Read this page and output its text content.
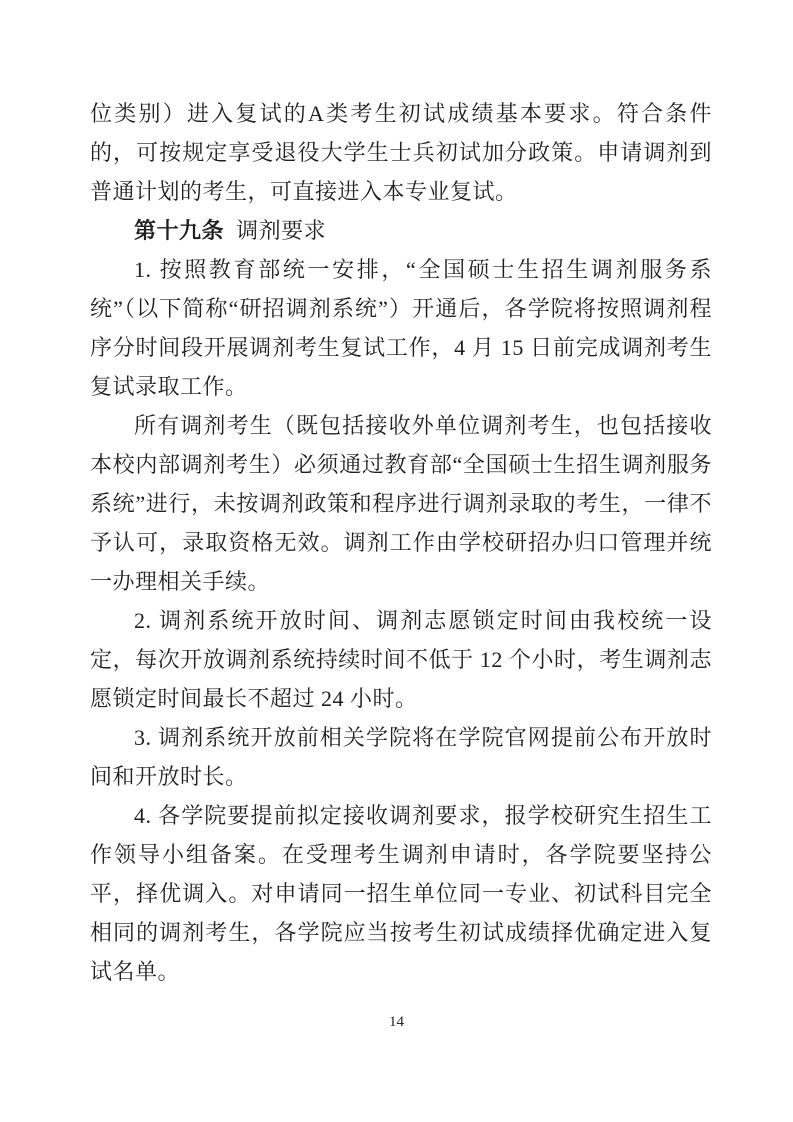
位类别）进入复试的A类考生初试成绩基本要求。符合条件的，可按规定享受退役大学生士兵初试加分政策。申请调剂到普通计划的考生，可直接进入本专业复试。

第十九条 调剂要求

1. 按照教育部统一安排，“全国硕士生招生调剂服务系统”（以下简称“研招调剂系统”）开通后，各学院将按照调剂程序分时间段开展调剂考生复试工作，4 月 15 日前完成调剂考生复试录取工作。

所有调剂考生（既包括接收外单位调剂考生，也包括接收本校内部调剂考生）必须通过教育部“全国硕士生招生调剂服务系统”进行，未按调剂政策和程序进行调剂录取的考生，一律不予认可，录取资格无效。调剂工作由学校研招办归口管理并统一办理相关手续。

2. 调剂系统开放时间、调剂志愿锁定时间由我校统一设定，每次开放调剂系统持续时间不低于 12 个小时，考生调剂志愿锁定时间最长不超过 24 小时。

3. 调剂系统开放前相关学院将在学院官网提前公布开放时间和开放时长。

4. 各学院要提前拟定接收调剂要求，报学校研究生招生工作领导小组备案。在受理考生调剂申请时，各学院要坚持公平，择优调入。对申请同一招生单位同一专业、初试科目完全相同的调剂考生，各学院应当按考生初试成绩择优确定进入复试名单。

14
